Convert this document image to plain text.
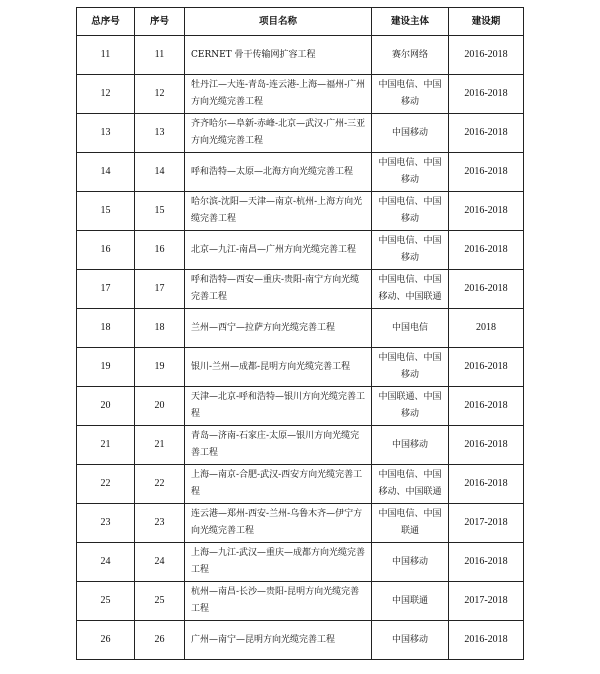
总序号	序号	项目名称	建设主体	建设期
11	11	CERNET 骨干传输网扩容工程	赛尔网络	2016-2018
12	12	牡丹江—大连-青岛-连云港-上海—福州-广州方向光缆完善工程	中国电信、中国移动	2016-2018
13	13	齐齐哈尔—阜新-赤峰-北京—武汉-广州-三亚方向光缆完善工程	中国移动	2016-2018
14	14	呼和浩特—太原—北海方向光缆完善工程	中国电信、中国移动	2016-2018
15	15	哈尔滨-沈阳—天津—南京-杭州-上海方向光缆完善工程	中国电信、中国移动	2016-2018
16	16	北京—九江-南昌—广州方向光缆完善工程	中国电信、中国移动	2016-2018
17	17	呼和浩特—西安—重庆-贵阳-南宁方向光缆完善工程	中国电信、中国移动、中国联通	2016-2018
18	18	兰州—西宁—拉萨方向光缆完善工程	中国电信	2018
19	19	银川-兰州—成都-昆明方向光缆完善工程	中国电信、中国移动	2016-2018
20	20	天津—北京-呼和浩特—银川方向光缆完善工程	中国联通、中国移动	2016-2018
21	21	青岛—济南-石家庄-太原—银川方向光缆完善工程	中国移动	2016-2018
22	22	上海—南京-合肥-武汉-西安方向光缆完善工程	中国电信、中国移动、中国联通	2016-2018
23	23	连云港—郑州-西安-兰州-乌鲁木齐—伊宁方向光缆完善工程	中国电信、中国联通	2017-2018
24	24	上海—九江-武汉—重庆—成都方向光缆完善工程	中国移动	2016-2018
25	25	杭州—南昌-长沙—贵阳-昆明方向光缆完善工程	中国联通	2017-2018
26	26	广州—南宁—昆明方向光缆完善工程	中国移动	2016-2018
